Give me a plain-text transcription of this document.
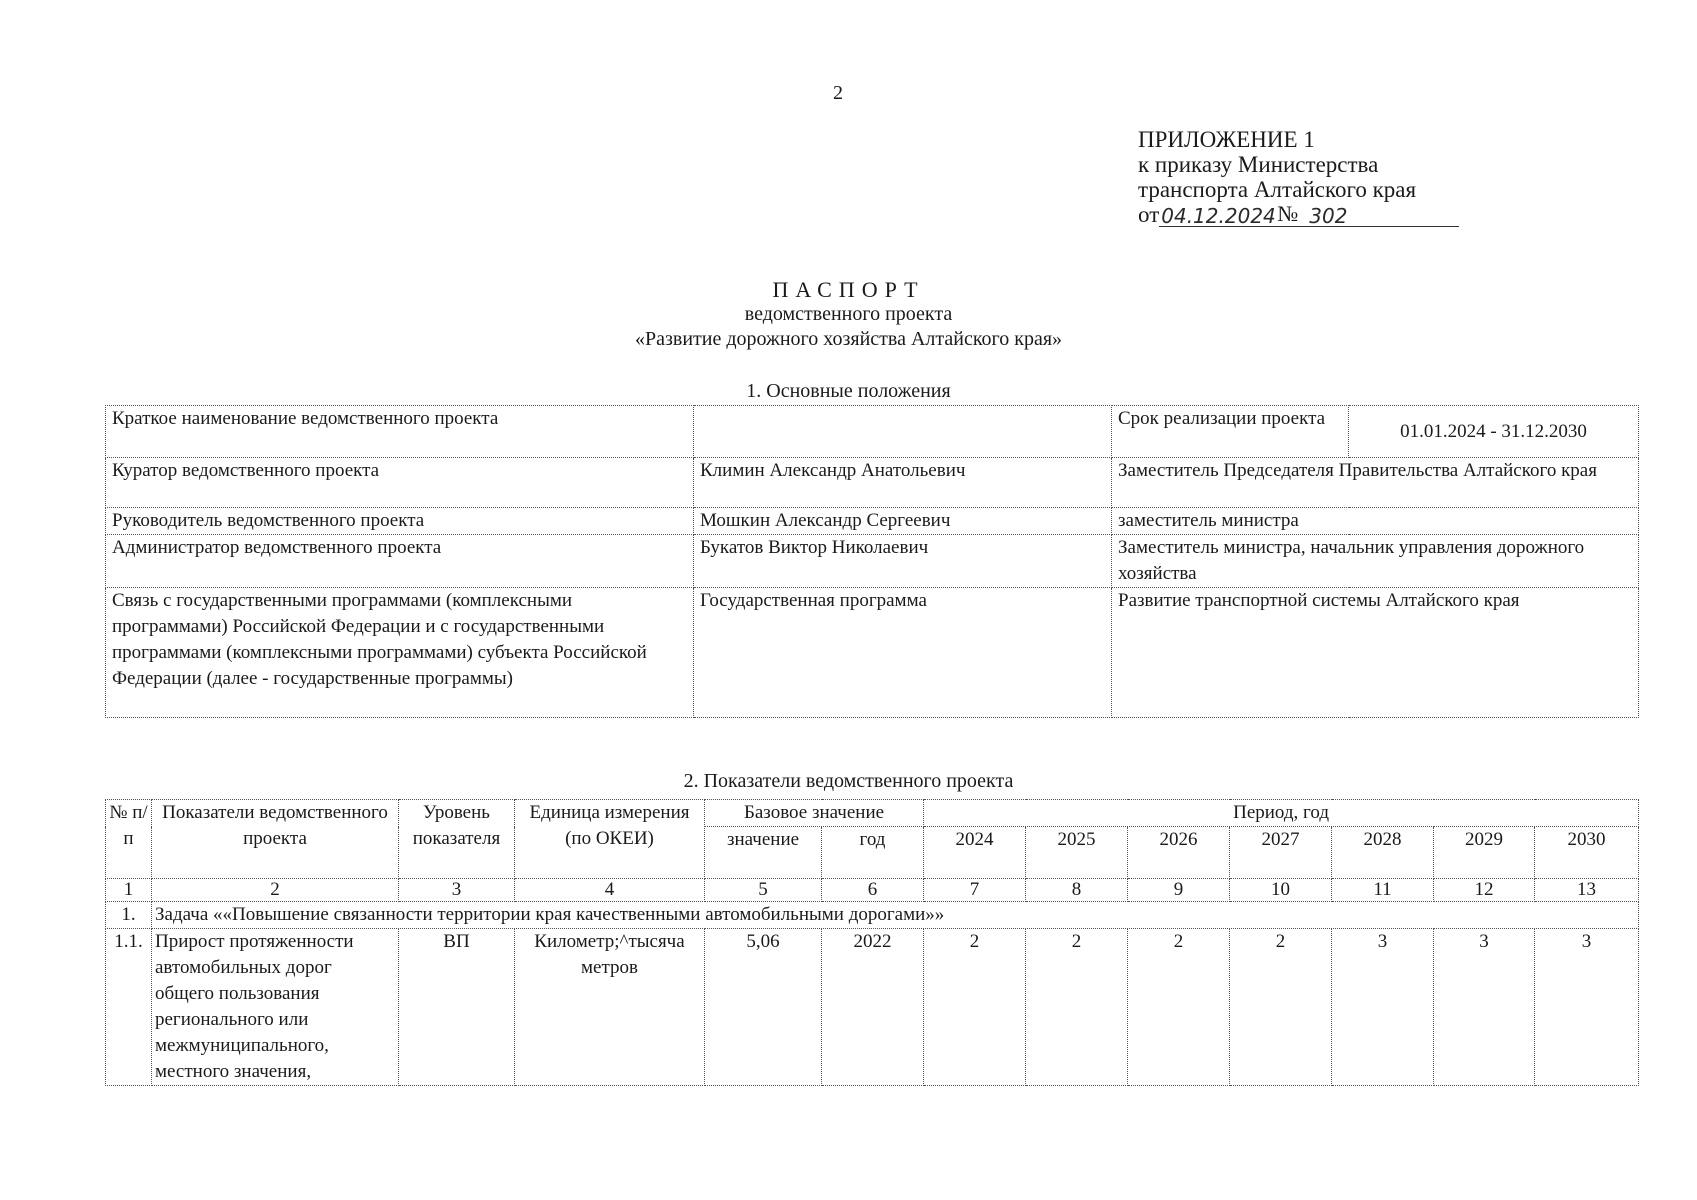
2
ПРИЛОЖЕНИЕ 1
к приказу Министерства
транспорта Алтайского края
от 04.12.2024 № 302
ПАСПОРТ
ведомственного проекта
«Развитие дорожного хозяйства Алтайского края»
1. Основные положения
Краткое наименование ведомственного проекта		Срок реализации проекта	01.01.2024 - 31.12.2030
Куратор ведомственного проекта	Климин Александр Анатольевич	Заместитель Председателя Правительства Алтайского края	
Руководитель ведомственного проекта	Мошкин Александр Сергеевич	заместитель министра	
Администратор ведомственного проекта	Букатов Виктор Николаевич	Заместитель министра, начальник управления дорожного хозяйства	
Связь с государственными программами (комплексными программами) Российской Федерации и с государственными программами (комплексными программами) субъекта Российской Федерации (далее - государственные программы)	Государственная программа	Развитие транспортной системы Алтайского края	
2. Показатели ведомственного проекта
№ п/п	Показатели ведомственного проекта	Уровень показателя	Единица измерения (по ОКЕИ)	Базовое значение		Период, год						
				значение	год	2024	2025	2026	2027	2028	2029	2030
1	2	3	4	5	6	7	8	9	10	11	12	13
1.	Задача ««Повышение связанности территории края качественными автомобильными дорогами»»											
1.1.	Прирост протяженности автомобильных дорог общего пользования регионального или межмуниципального, местного значения,	ВП	Километр;^тысяча метров	5,06	2022	2	2	2	2	3	3	3
